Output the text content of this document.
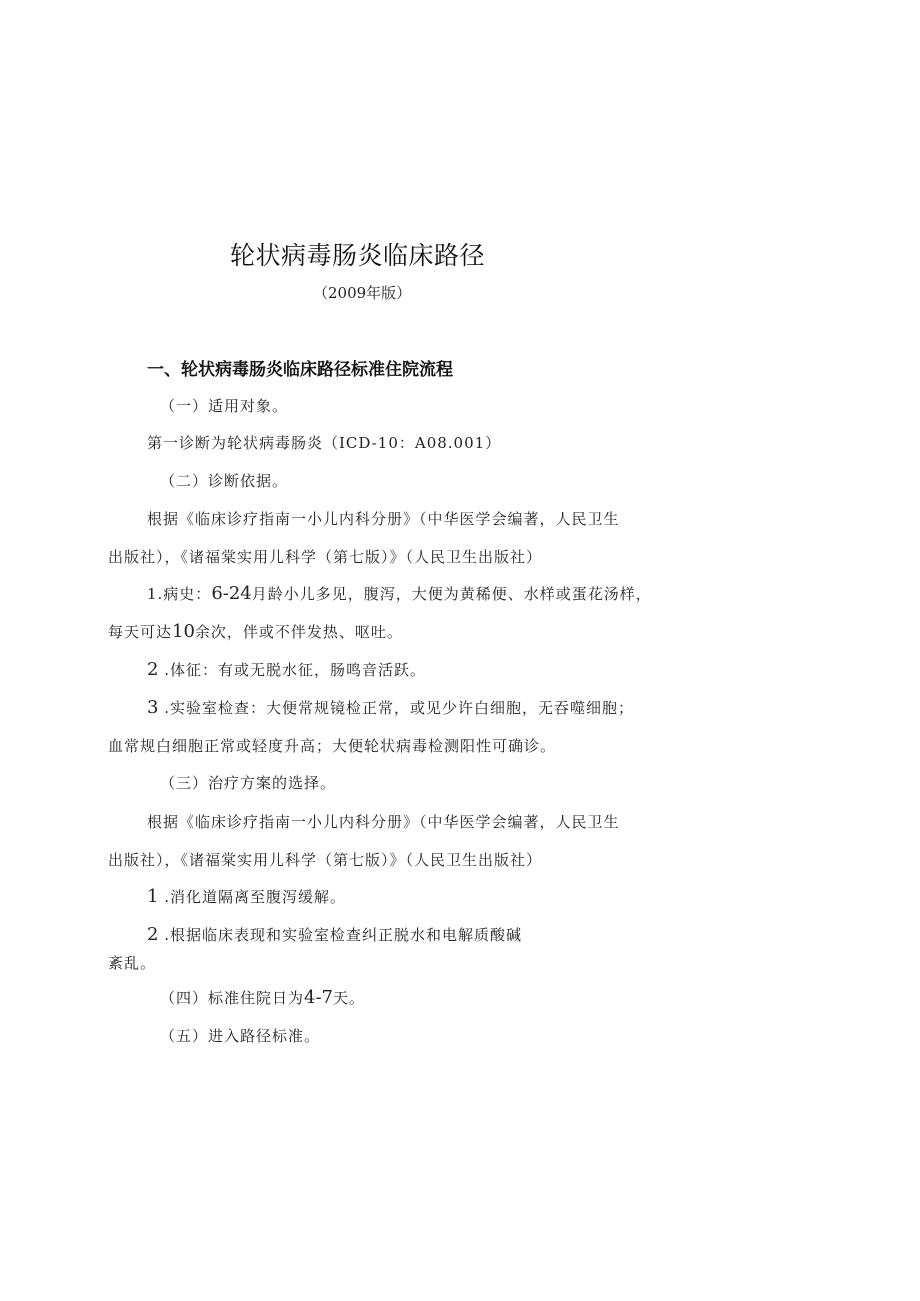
轮状病毒肠炎临床路径
（2009年版）
一、轮状病毒肠炎临床路径标准住院流程
（一）适用对象。
第一诊断为轮状病毒肠炎（ICD-10：A08.001）
（二）诊断依据。
根据《临床诊疗指南一小儿内科分册》（中华医学会编著，人民卫生
出版社），《诸福棠实用儿科学（第七版）》（人民卫生出版社）
1.病史：6-24月龄小儿多见，腹泻，大便为黄稀便、水样或蛋花汤样，
每天可达10余次，伴或不伴发热、呕吐。
2 .体征：有或无脱水征，肠鸣音活跃。
3 .实验室检查：大便常规镜检正常，或见少许白细胞，无吞噬细胞；
血常规白细胞正常或轻度升高；大便轮状病毒检测阳性可确诊。
（三）治疗方案的选择。
根据《临床诊疗指南一小儿内科分册》（中华医学会编著，人民卫生
出版社），《诸福棠实用儿科学（第七版）》（人民卫生出版社）
1 .消化道隔离至腹泻缓解。
2 .根据临床表现和实验室检查纠正脱水和电解质酸碱
紊乱。
（四）标准住院日为4-7天。
（五）进入路径标准。
